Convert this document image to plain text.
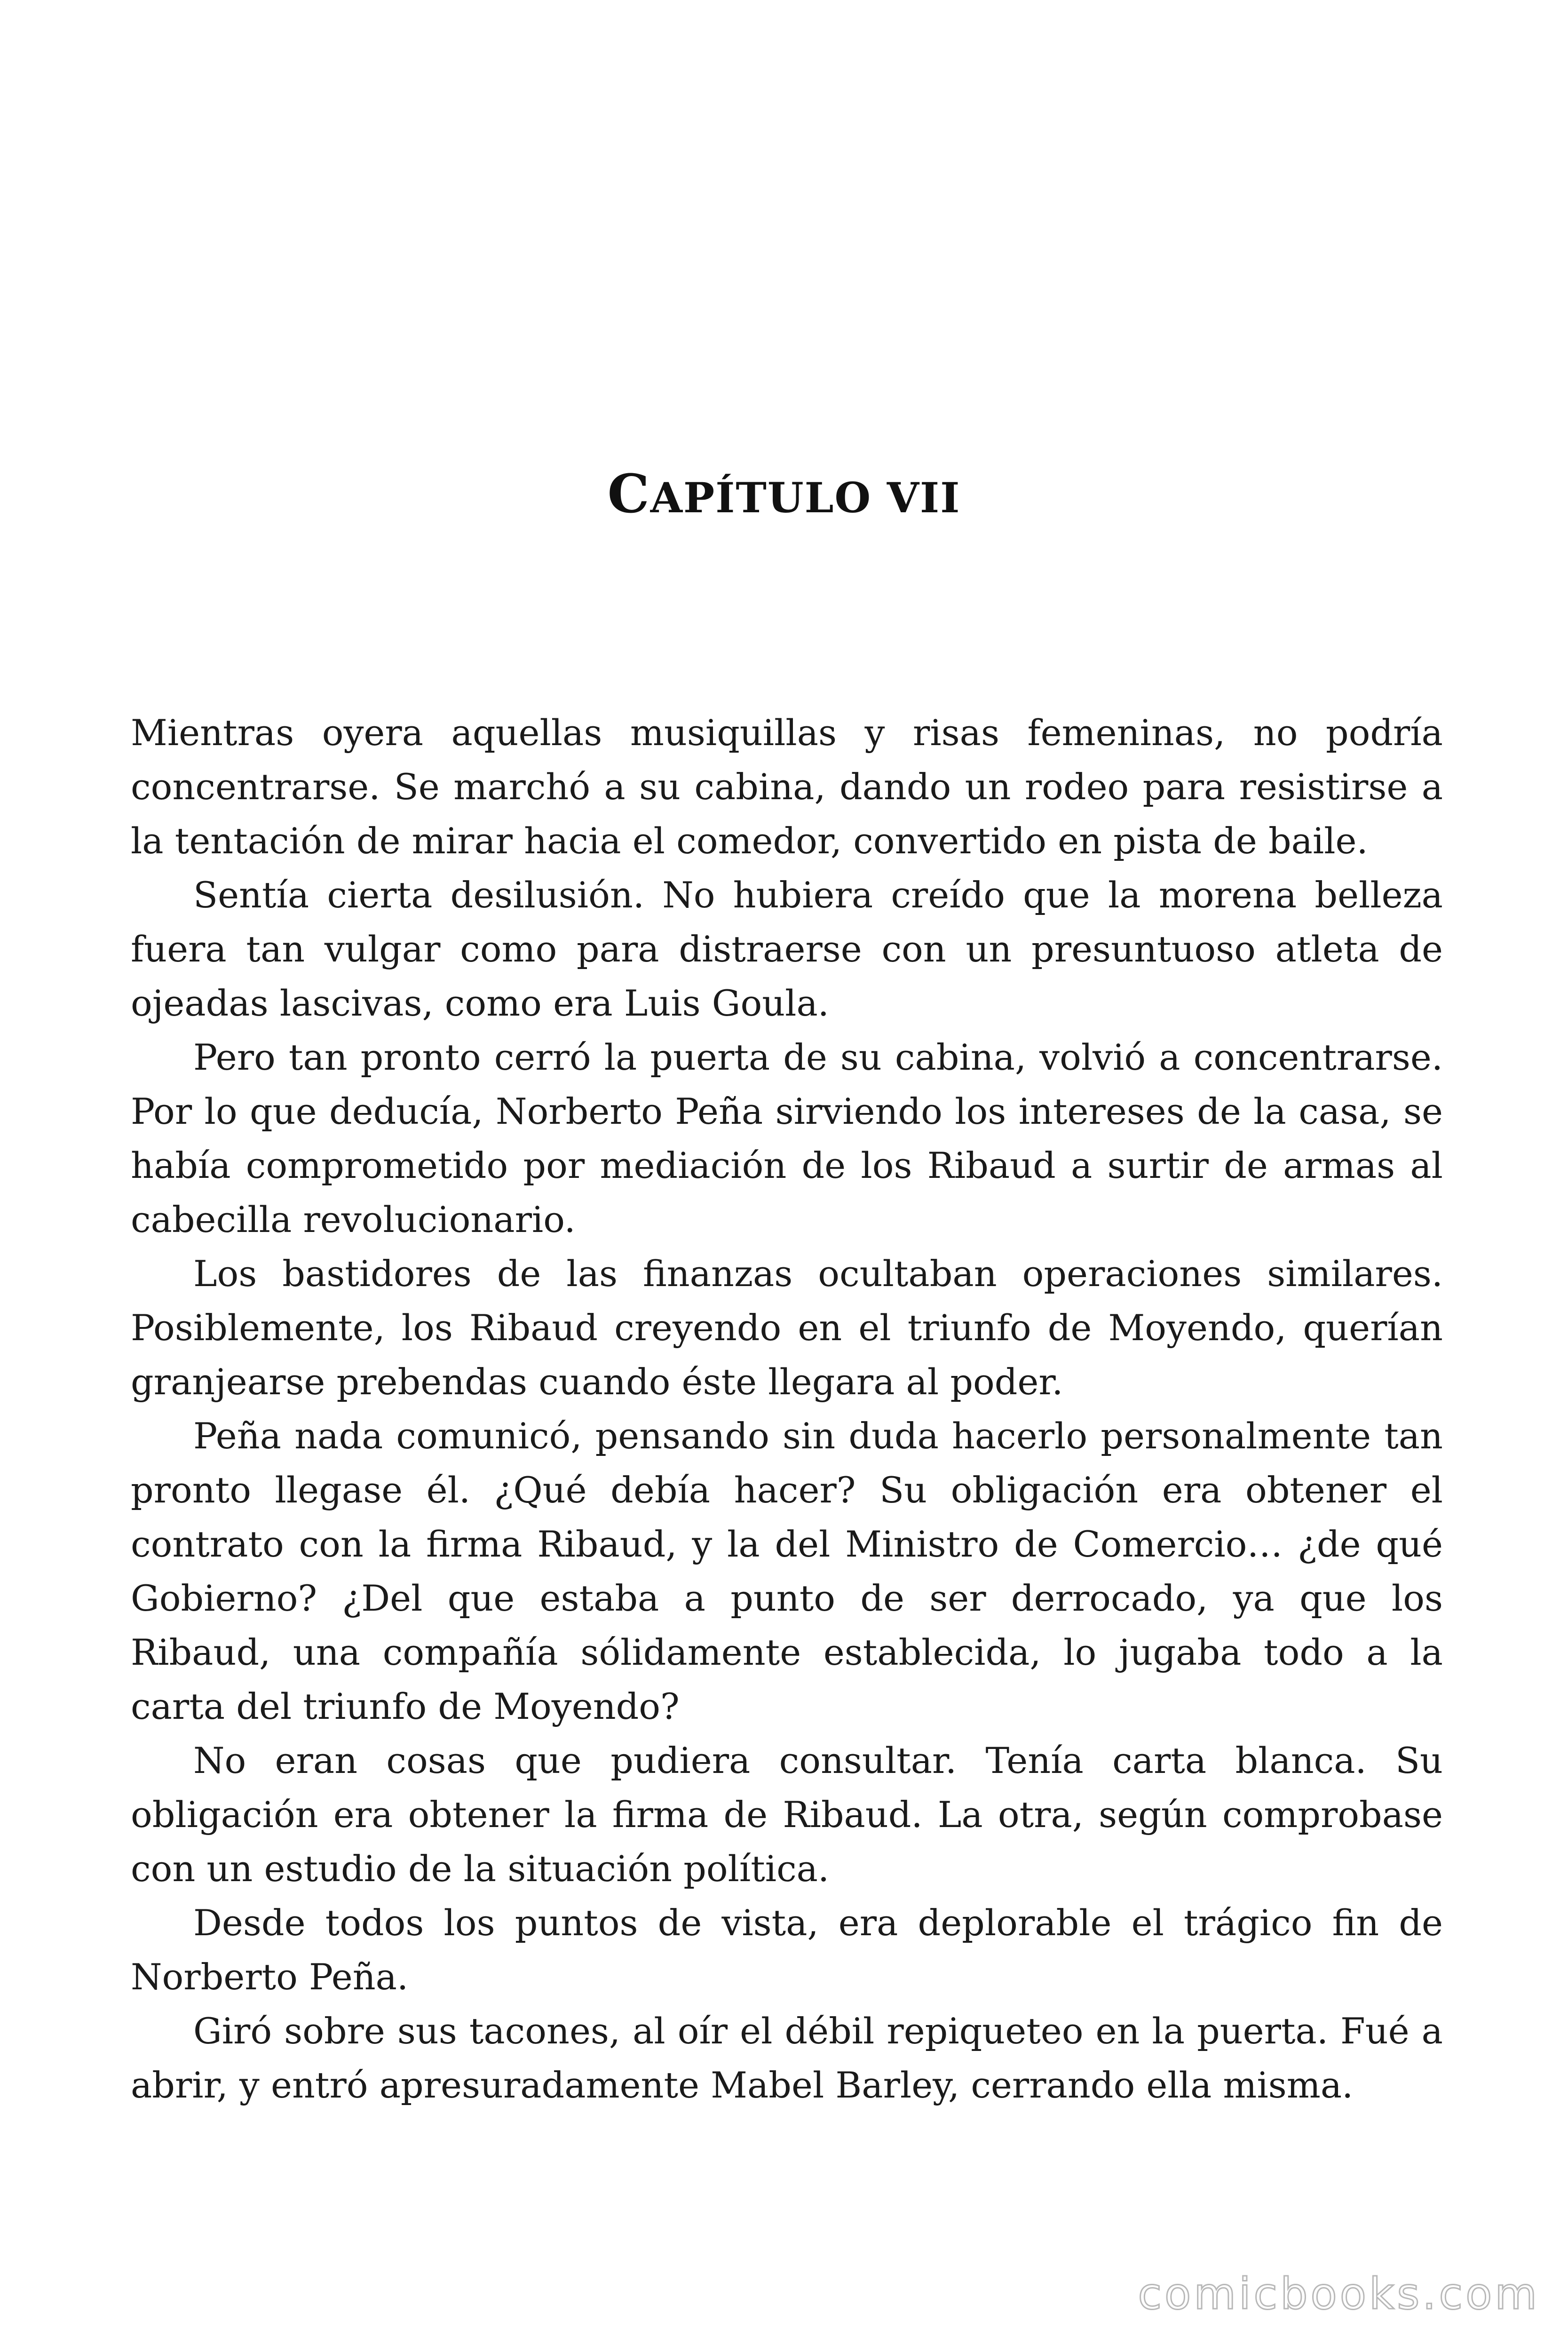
CAPÍTULO VII

Mientras oyera aquellas musiquillas y risas femeninas, no podría concentrarse. Se marchó a su cabina, dando un rodeo para resistirse a la tentación de mirar hacia el comedor, convertido en pista de baile.

Sentía cierta desilusión. No hubiera creído que la morena belleza fuera tan vulgar como para distraerse con un presuntuoso atleta de ojeadas lascivas, como era Luis Goula.

Pero tan pronto cerró la puerta de su cabina, volvió a concentrarse. Por lo que deducía, Norberto Peña sirviendo los intereses de la casa, se había comprometido por mediación de los Ribaud a surtir de armas al cabecilla revolucionario.

Los bastidores de las finanzas ocultaban operaciones similares. Posiblemente, los Ribaud creyendo en el triunfo de Moyendo, querían granjearse prebendas cuando éste llegara al poder.

Peña nada comunicó, pensando sin duda hacerlo personalmente tan pronto llegase él. ¿Qué debía hacer? Su obligación era obtener el contrato con la firma Ribaud, y la del Ministro de Comercio… ¿de qué Gobierno? ¿Del que estaba a punto de ser derrocado, ya que los Ribaud, una compañía sólidamente establecida, lo jugaba todo a la carta del triunfo de Moyendo?

No eran cosas que pudiera consultar. Tenía carta blanca. Su obligación era obtener la firma de Ribaud. La otra, según comprobase con un estudio de la situación política.

Desde todos los puntos de vista, era deplorable el trágico fin de Norberto Peña.

Giró sobre sus tacones, al oír el débil repiqueteo en la puerta. Fué a abrir, y entró apresuradamente Mabel Barley, cerrando ella misma.

comicbooks.com
